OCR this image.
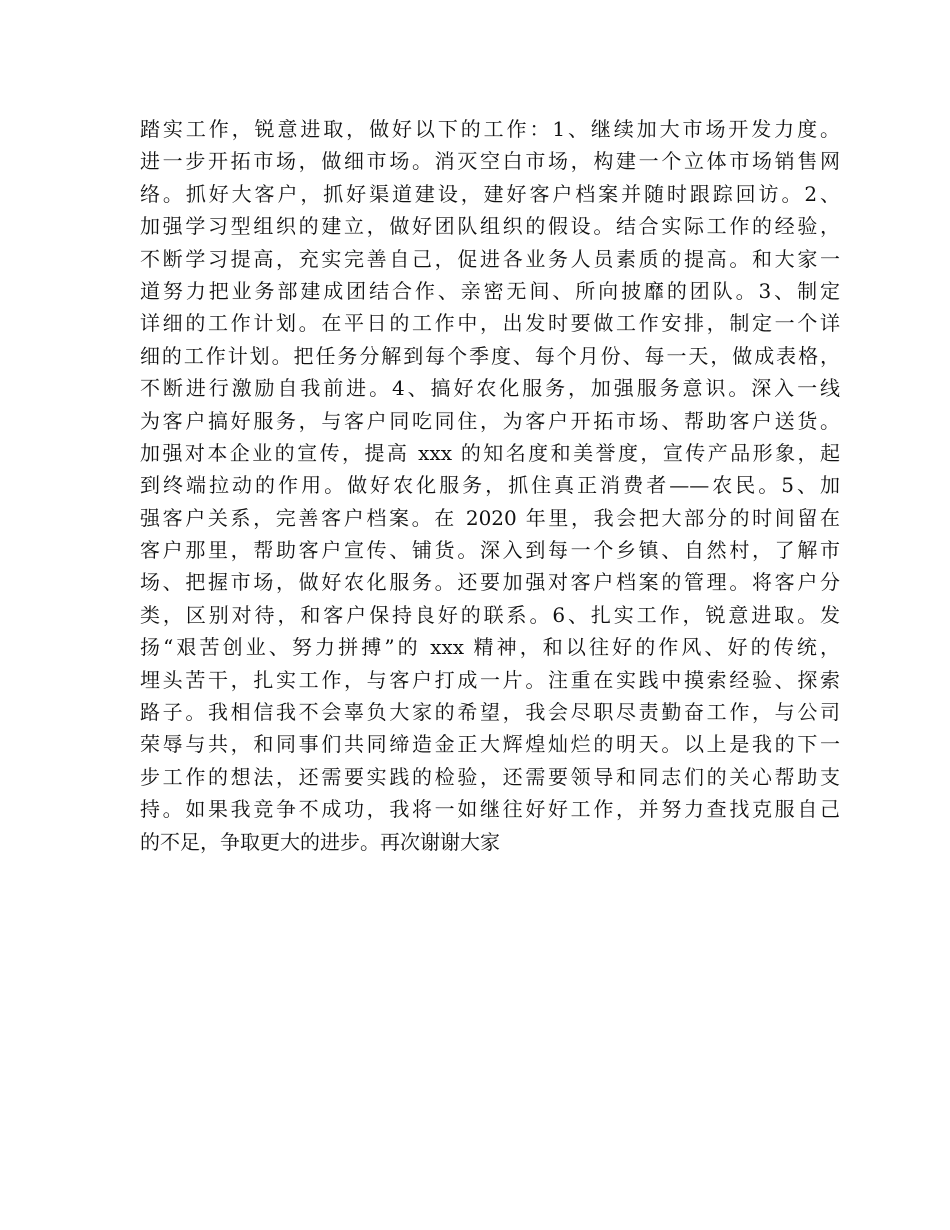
踏实工作，锐意进取，做好以下的工作：1、继续加大市场开发力度。
进一步开拓市场，做细市场。消灭空白市场，构建一个立体市场销售网
络。抓好大客户，抓好渠道建设，建好客户档案并随时跟踪回访。2、
加强学习型组织的建立，做好团队组织的假设。结合实际工作的经验，
不断学习提高，充实完善自己，促进各业务人员素质的提高。和大家一
道努力把业务部建成团结合作、亲密无间、所向披靡的团队。3、制定
详细的工作计划。在平日的工作中，出发时要做工作安排，制定一个详
细的工作计划。把任务分解到每个季度、每个月份、每一天，做成表格，
不断进行激励自我前进。4、搞好农化服务，加强服务意识。深入一线
为客户搞好服务，与客户同吃同住，为客户开拓市场、帮助客户送货。
加强对本企业的宣传，提高 xxx 的知名度和美誉度，宣传产品形象，起
到终端拉动的作用。做好农化服务，抓住真正消费者——农民。5、加
强客户关系，完善客户档案。在 2020 年里，我会把大部分的时间留在
客户那里，帮助客户宣传、铺货。深入到每一个乡镇、自然村，了解市
场、把握市场，做好农化服务。还要加强对客户档案的管理。将客户分
类，区别对待，和客户保持良好的联系。6、扎实工作，锐意进取。发
扬“艰苦创业、努力拼搏”的 xxx 精神，和以往好的作风、好的传统，
埋头苦干，扎实工作，与客户打成一片。注重在实践中摸索经验、探索
路子。我相信我不会辜负大家的希望，我会尽职尽责勤奋工作，与公司
荣辱与共，和同事们共同缔造金正大辉煌灿烂的明天。以上是我的下一
步工作的想法，还需要实践的检验，还需要领导和同志们的关心帮助支
持。如果我竞争不成功，我将一如继往好好工作，并努力查找克服自己
的不足，争取更大的进步。再次谢谢大家
